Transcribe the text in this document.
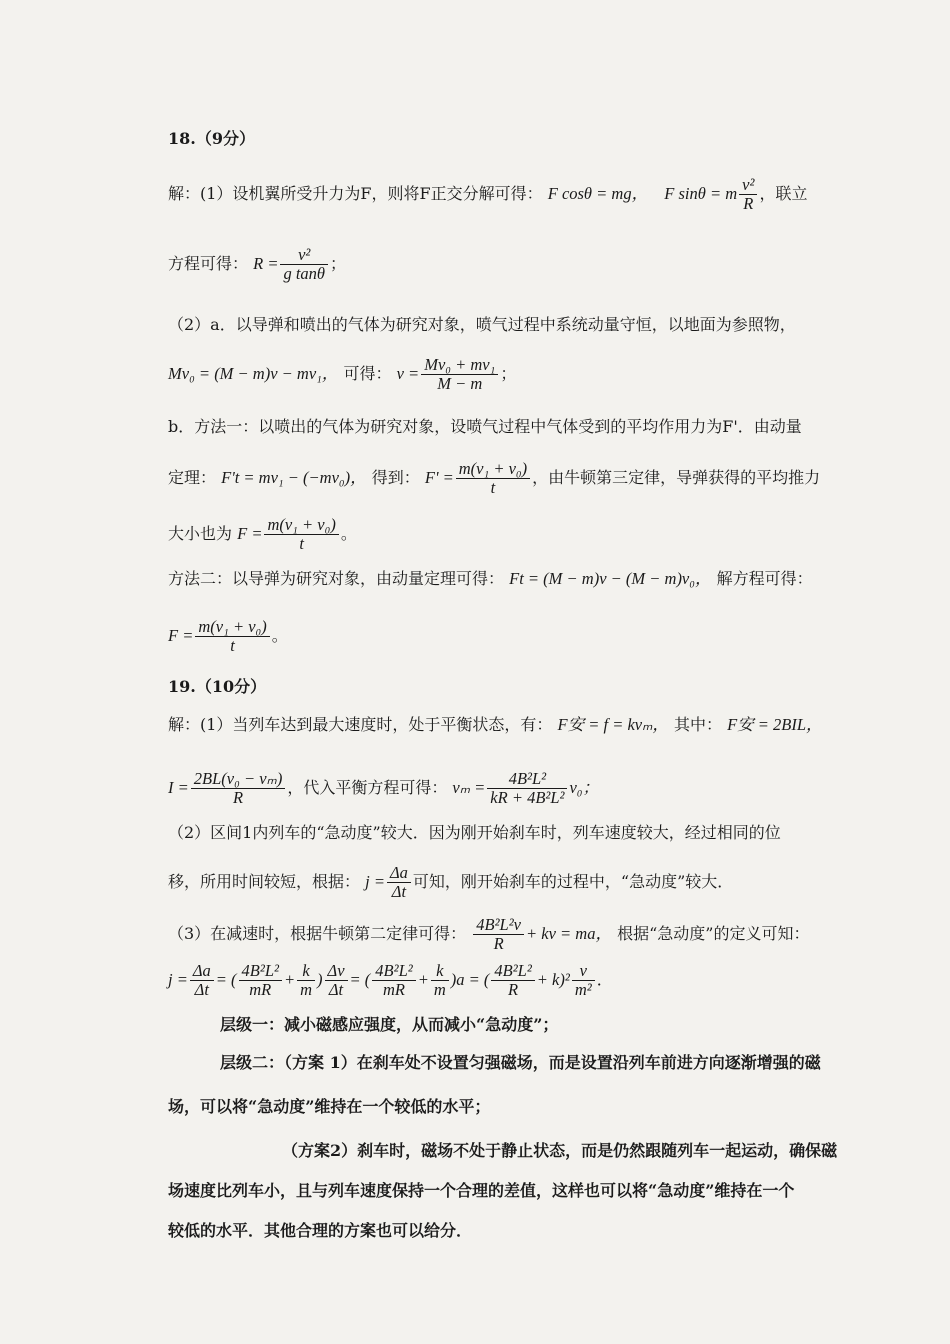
18.（9分）
解：(1）设机翼所受升力为F，则将F正交分解可得： F cosθ = mg， F sinθ = m $\frac{\text{v²}}{R}$ ，联立
方程可得： $R = \frac{\text{v²}}{\text{g tanθ}}$ ；
（2）a．以导弹和喷出的气体为研究对象，喷气过程中系统动量守恒，以地面为参照物，
Mv₀ = (M − m)v − mv₁， 可得： $v = \frac{\text{Mv₀ + mv₁}}{M - m}$ ；
b．方法一：以喷出的气体为研究对象，设喷气过程中气体受到的平均作用力为F'．由动量
定理： F't = mv₁ − (−mv₀)， 得到： $F' = \frac{\text{m(v₁ + v₀)}}{t}$ ，由牛顿第三定律，导弹获得的平均推力
大小也为 $F = \frac{\text{m(v₁ + v₀)}}{t}$ 。
方法二：以导弹为研究对象，由动量定理可得： Ft = (M − m)v − (M − m)v₀， 解方程可得：
$F = \frac{\text{m(v₁ + v₀)}}{t}$ 。
19.（10分）
解：(1）当列车达到最大速度时，处于平衡状态，有： F安 = f = kvₘ， 其中： F安 = 2BIL，
$I = \frac{\text{2BL(v₀ − vₘ)}}{R}$ ，代入平衡方程可得： $v_m = \frac{\text{4B²L²}}{\text{kR + 4B²L²}} v_0$；
（2）区间1内列车的“急动度”较大．因为刚开始刹车时，列车速度较大，经过相同的位
移，所用时间较短，根据： $j = \frac{\Delta a}{\Delta t}$ 可知，刚开始刹车的过程中，“急动度”较大．
（3）在减速时，根据牛顿第二定律可得： $\frac{\text{4B²L²v}}{R}$ + kv = ma， 根据“急动度”的定义可知：
$j = \frac{\Delta a}{\Delta t}$ = ( $\frac{\text{4B²L²}}{mR} + \frac{k}{m}$ ) $\frac{\Delta v}{\Delta t}$ = ( $\frac{\text{4B²L²}}{mR} + \frac{k}{m} )a$ = ( $\frac{\text{4B²L²}}{R} + k)^2 \frac{v}{\text{m²}}$ ．
层级一：减小磁感应强度，从而减小“急动度”；
层级二：（方案 1）在刹车处不设置匀强磁场，而是设置沿列车前进方向逐渐增强的磁
场，可以将“急动度”维持在一个较低的水平；
（方案2）刹车时，磁场不处于静止状态，而是仍然跟随列车一起运动，确保磁
场速度比列车小，且与列车速度保持一个合理的差值，这样也可以将“急动度”维持在一个
较低的水平．其他合理的方案也可以给分．
